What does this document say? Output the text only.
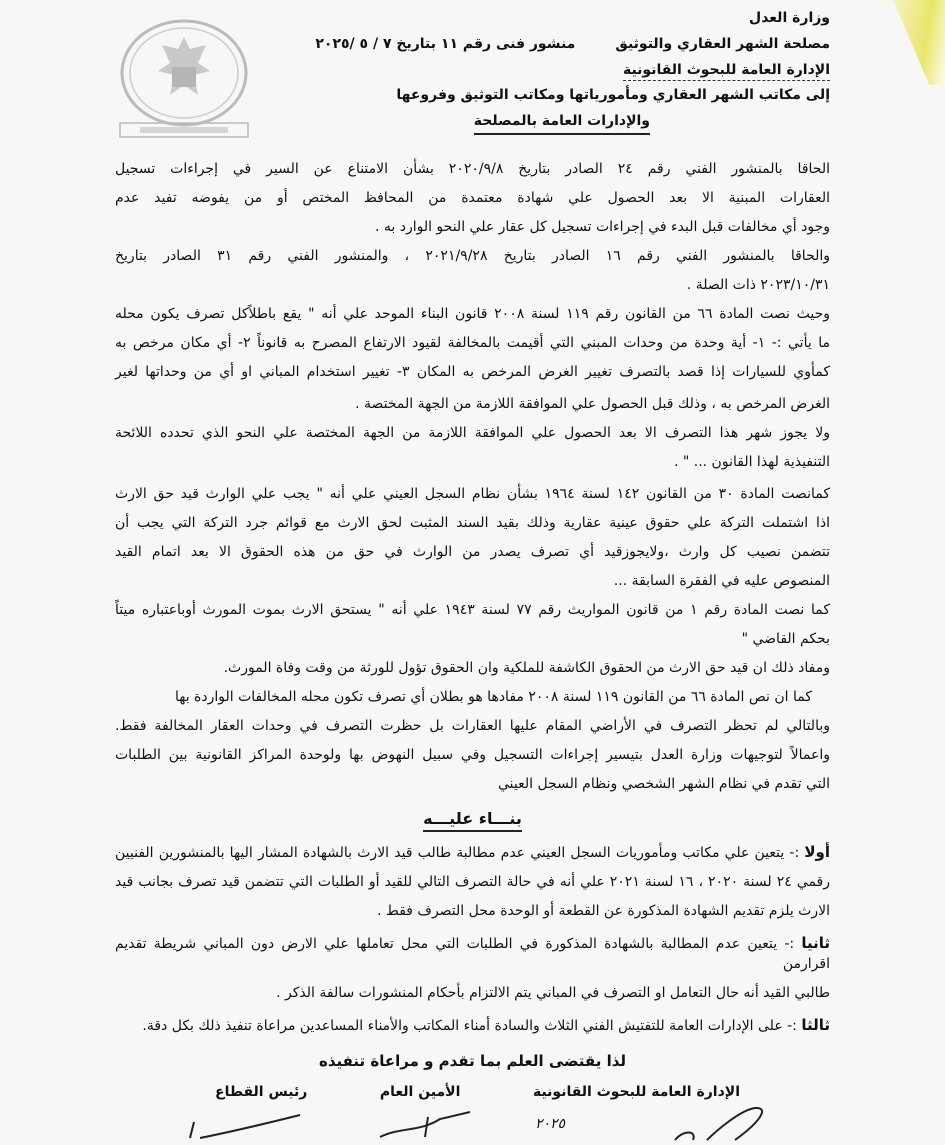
وزارة العدل
مصلحة الشهر العقاري والتوثيق
منشور فنى رقم ١١ بتاريخ ٧ / ٥ /٢٠٢٥
الإدارة العامة للبحوث القانونية
إلى مكاتب الشهر العقاري ومأمورياتها ومكاتب التوثيق وفروعها
والإدارات العامة بالمصلحة
الحاقا بالمنشور الفني رقم ٢٤ الصادر بتاريخ ٢٠٢٠/٩/٨ بشأن الامتناع عن السير في إجراءات تسجيل
العقارات المبنية الا بعد الحصول علي شهادة معتمدة من المحافظ المختص أو من يفوضه تفيد عدم
وجود أي مخالفات قبل البدء في إجراءات تسجيل كل عقار علي النحو الوارد به .
والحاقا بالمنشور الفني رقم ١٦ الصادر بتاريخ ٢٠٢١/٩/٢٨ ، والمنشور الفني رقم ٣١ الصادر بتاريخ
٢٠٢٣/١٠/٣١ ذات الصلة .
وحيث نصت المادة ٦٦ من القانون رقم ١١٩ لسنة ٢٠٠٨ قانون البناء الموحد علي أنه " يقع باطلاًكل تصرف يكون محله
ما يأتي :- ١- أية وحدة من وحدات المبني التي أقيمت بالمخالفة لقيود الارتفاع المصرح به قانوناً ٢- أي مكان مرخص به
كمأوي للسيارات إذا قصد بالتصرف تغيير الغرض المرخص به المكان ٣- تغيير استخدام المباني او أي من وحداتها لغير
الغرض المرخص به ، وذلك قبل الحصول علي الموافقة اللازمة من الجهة المختصة .
ولا يجوز شهر هذا التصرف الا بعد الحصول علي الموافقة اللازمة من الجهة المختصة علي النحو الذي تحدده اللائحة
التنفيذية لهذا القانون ... " .
كمانصت المادة ٣٠ من القانون ١٤٢ لسنة ١٩٦٤ بشأن نظام السجل العيني علي أنه " يجب علي الوارث قيد حق الارث
اذا اشتملت التركة علي حقوق عينية عقارية وذلك بقيد السند المثبت لحق الارث مع قوائم جرد التركة التي يجب أن
تتضمن نصيب كل وارث ،ولايجوزقيد أي تصرف يصدر من الوارث في حق من هذه الحقوق الا بعد اتمام القيد
المنصوص عليه في الفقرة السابقة ...
كما نصت المادة رقم ١ من قانون المواريث رقم ٧٧ لسنة ١٩٤٣ علي أنه " يستحق الارث بموت المورث أوباعتباره ميتاً
بحكم القاضي "
ومفاد ذلك ان قيد حق الارث من الحقوق الكاشفة للملكية وان الحقوق تؤول للورثة من وقت وفاة المورث.
كما ان نص المادة ٦٦ من القانون ١١٩ لسنة ٢٠٠٨ مفادها هو بطلان أي تصرف تكون محله المخالفات الواردة بها
وبالتالي لم تحظر التصرف في الأراضي المقام عليها العقارات بل حظرت التصرف في وحدات العقار المخالفة فقط.
واعمالاً لتوجيهات وزارة العدل بتيسير إجراءات التسجيل وفي سبيل النهوض بها ولوحدة المراكز القانونية بين الطلبات
التي تقدم في نظام الشهر الشخصي ونظام السجل العيني
بنـــاء عليـــه
أولا :- يتعين علي مكاتب ومأموريات السجل العيني عدم مطالبة طالب قيد الارث بالشهادة المشار اليها بالمنشورين الفنيين
رقمي ٢٤ لسنة ٢٠٢٠ ، ١٦ لسنة ٢٠٢١ علي أنه في حالة التصرف التالي للقيد أو الطلبات التي تتضمن قيد تصرف بجانب قيد
الارث يلزم تقديم الشهادة المذكورة عن القطعة أو الوحدة محل التصرف فقط .
ثانيا :- يتعين عدم المطالبة بالشهادة المذكورة في الطلبات التي محل تعاملها علي الارض دون المباني شريطة تقديم اقرارمن
طالبي القيد أنه حال التعامل او التصرف في المباني يتم الالتزام بأحكام المنشورات سالفة الذكر .
ثالثا :- على الإدارات العامة للتفتيش الفني الثلاث والسادة أمناء المكاتب والأمناء المساعدين مراعاة تنفيذ ذلك بكل دقة.
لذا يقتضى العلم بما تقدم و مراعاة تنفيذه
الإدارة العامة للبحوث القانونية
الأمين العام
رئيس القطاع
٢٠٢٥
